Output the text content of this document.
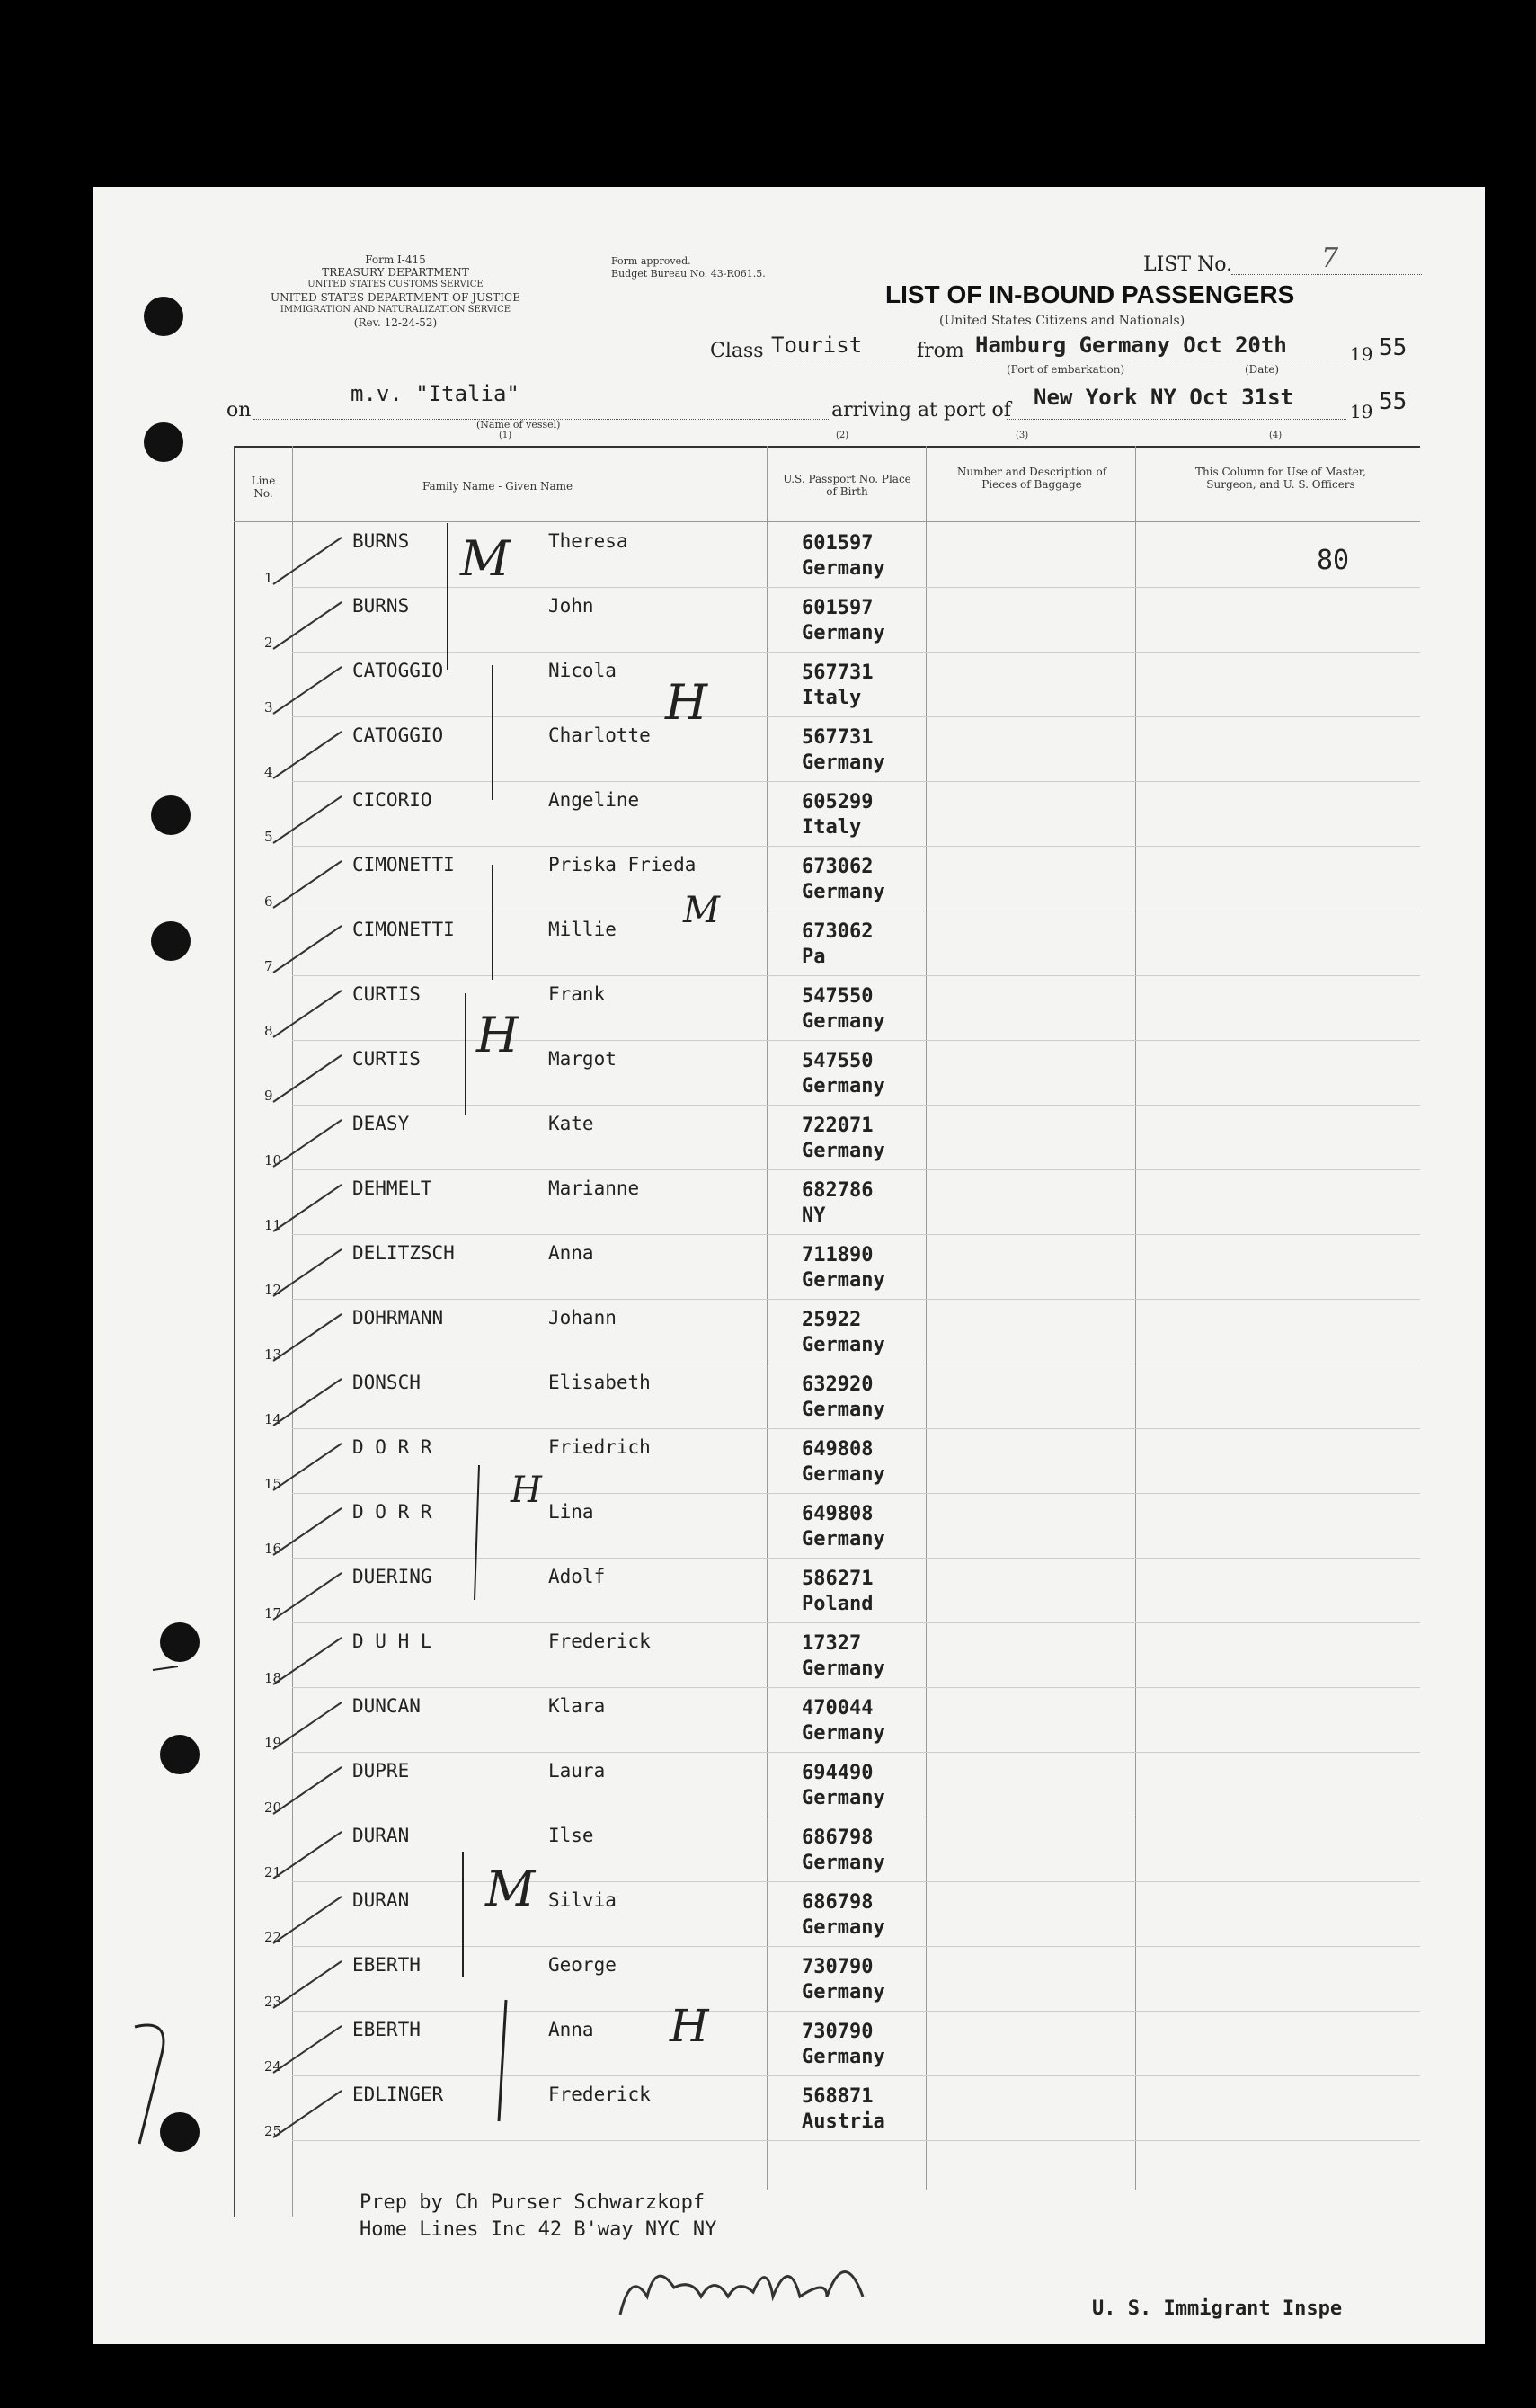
Form I-415
TREASURY DEPARTMENT
UNITED STATES CUSTOMS SERVICE
UNITED STATES DEPARTMENT OF JUSTICE
IMMIGRATION AND NATURALIZATION SERVICE
(Rev. 12-24-52)
Form approved.
Budget Bureau No. 43-R061.5.	LIST No.	7
LIST OF IN-BOUND PASSENGERS
(United States Citizens and Nationals)
Class Tourist	from Hamburg Germany Oct 20th	19 55
(Port of embarkation)	(Date)
on
m.v. "Italia"
(Name of vessel)
arriving at port of
New York NY Oct 31st
19 55
(1)	(2)	(3)	(4)
Line No.
Family Name - Given Name
U.S. Passport No. Place of Birth
Number and Description of Pieces of Baggage
This Column for Use of Master, Surgeon, and U. S. Officers
80
1
BURNS	Theresa	601597
Germany
2
BURNS	John	601597
Germany
3
CATOGGIO	Nicola	567731
Italy
4
CATOGGIO	Charlotte	567731
Germany
5
CICORIO	Angeline	605299
Italy
6
CIMONETTI	Priska Frieda	673062
Germany
7
CIMONETTI	Millie	673062
Pa
8
CURTIS	Frank	547550
Germany
9
CURTIS	Margot	547550
Germany
10
DEASY	Kate	722071
Germany
11
DEHMELT	Marianne	682786
NY
12
DELITZSCH	Anna	711890
Germany
13
DOHRMANN	Johann	25922
Germany
14
DONSCH	Elisabeth	632920
Germany
15
D O R R	Friedrich	649808
Germany
16
D O R R	Lina	649808
Germany
17
DUERING	Adolf	586271
Poland
18
D U H L	Frederick	17327
Germany
19
DUNCAN	Klara	470044
Germany
20
DUPRE	Laura	694490
Germany
21
DURAN	Ilse	686798
Germany
22
DURAN	Silvia	686798
Germany
23
EBERTH	George	730790
Germany
24
EBERTH	Anna	730790
Germany
25
EDLINGER	Frederick	568871
Austria
M
H
M
H
H
M
H
Prep by Ch Purser Schwarzkopf
Home Lines Inc 42 B'way NYC NY
U. S. Immigrant Inspe
